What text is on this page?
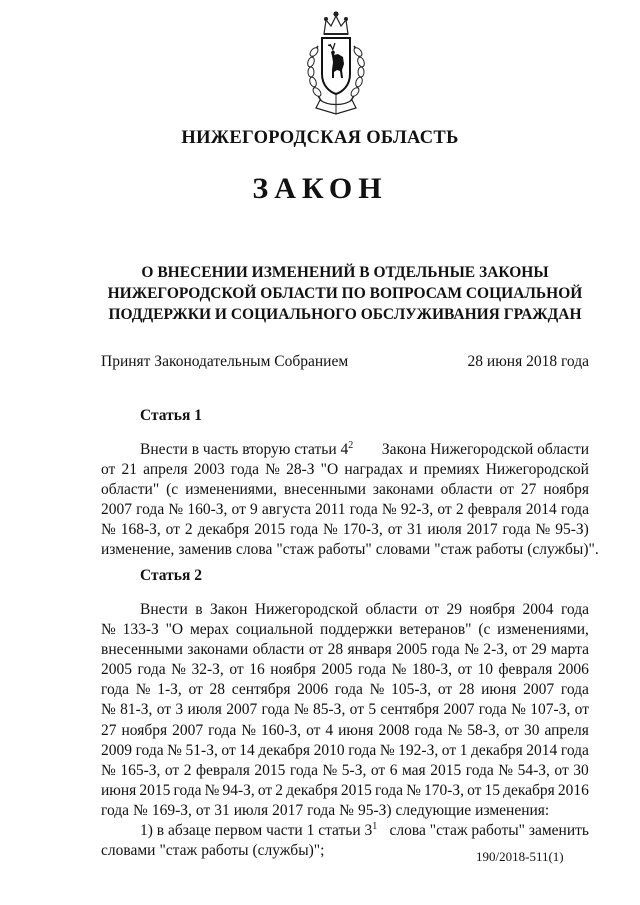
НИЖЕГОРОДСКАЯ ОБЛАСТЬ
ЗАКОН
О ВНЕСЕНИИ ИЗМЕНЕНИЙ В ОТДЕЛЬНЫЕ ЗАКОНЫ
НИЖЕГОРОДСКОЙ ОБЛАСТИ ПО ВОПРОСАМ СОЦИАЛЬНОЙ
ПОДДЕРЖКИ И СОЦИАЛЬНОГО ОБСЛУЖИВАНИЯ ГРАЖДАН
Принят Законодательным Собранием	28 июня 2018 года
Статья 1
Внести в часть вторую статьи $4^2$ Закона Нижегородской области
от 21 апреля 2003 года № 28-З "О наградах и премиях Нижегородской
области" (с изменениями, внесенными законами области от 27 ноября
2007 года № 160-З, от 9 августа 2011 года № 92-З, от 2 февраля 2014 года
№ 168-З, от 2 декабря 2015 года № 170-З, от 31 июля 2017 года № 95-З)
изменение, заменив слова "стаж работы" словами "стаж работы (службы)".
Статья 2
Внести в Закон Нижегородской области от 29 ноября 2004 года
№ 133-З "О мерах социальной поддержки ветеранов" (с изменениями,
внесенными законами области от 28 января 2005 года № 2-З, от 29 марта
2005 года № 32-З, от 16 ноября 2005 года № 180-З, от 10 февраля 2006
года № 1-З, от 28 сентября 2006 года № 105-З, от 28 июня 2007 года
№ 81-З, от 3 июля 2007 года № 85-З, от 5 сентября 2007 года № 107-З, от
27 ноября 2007 года № 160-З, от 4 июня 2008 года № 58-З, от 30 апреля
2009 года № 51-З, от 14 декабря 2010 года № 192-З, от 1 декабря 2014 года
№ 165-З, от 2 февраля 2015 года № 5-З, от 6 мая 2015 года № 54-З, от 30
июня 2015 года № 94-З, от 2 декабря 2015 года № 170-З, от 15 декабря 2016
года № 169-З, от 31 июля 2017 года № 95-З) следующие изменения:
1) в абзаце первом части 1 статьи $3^1$ слова "стаж работы" заменить
словами "стаж работы (службы)";	190/2018-511(1)
